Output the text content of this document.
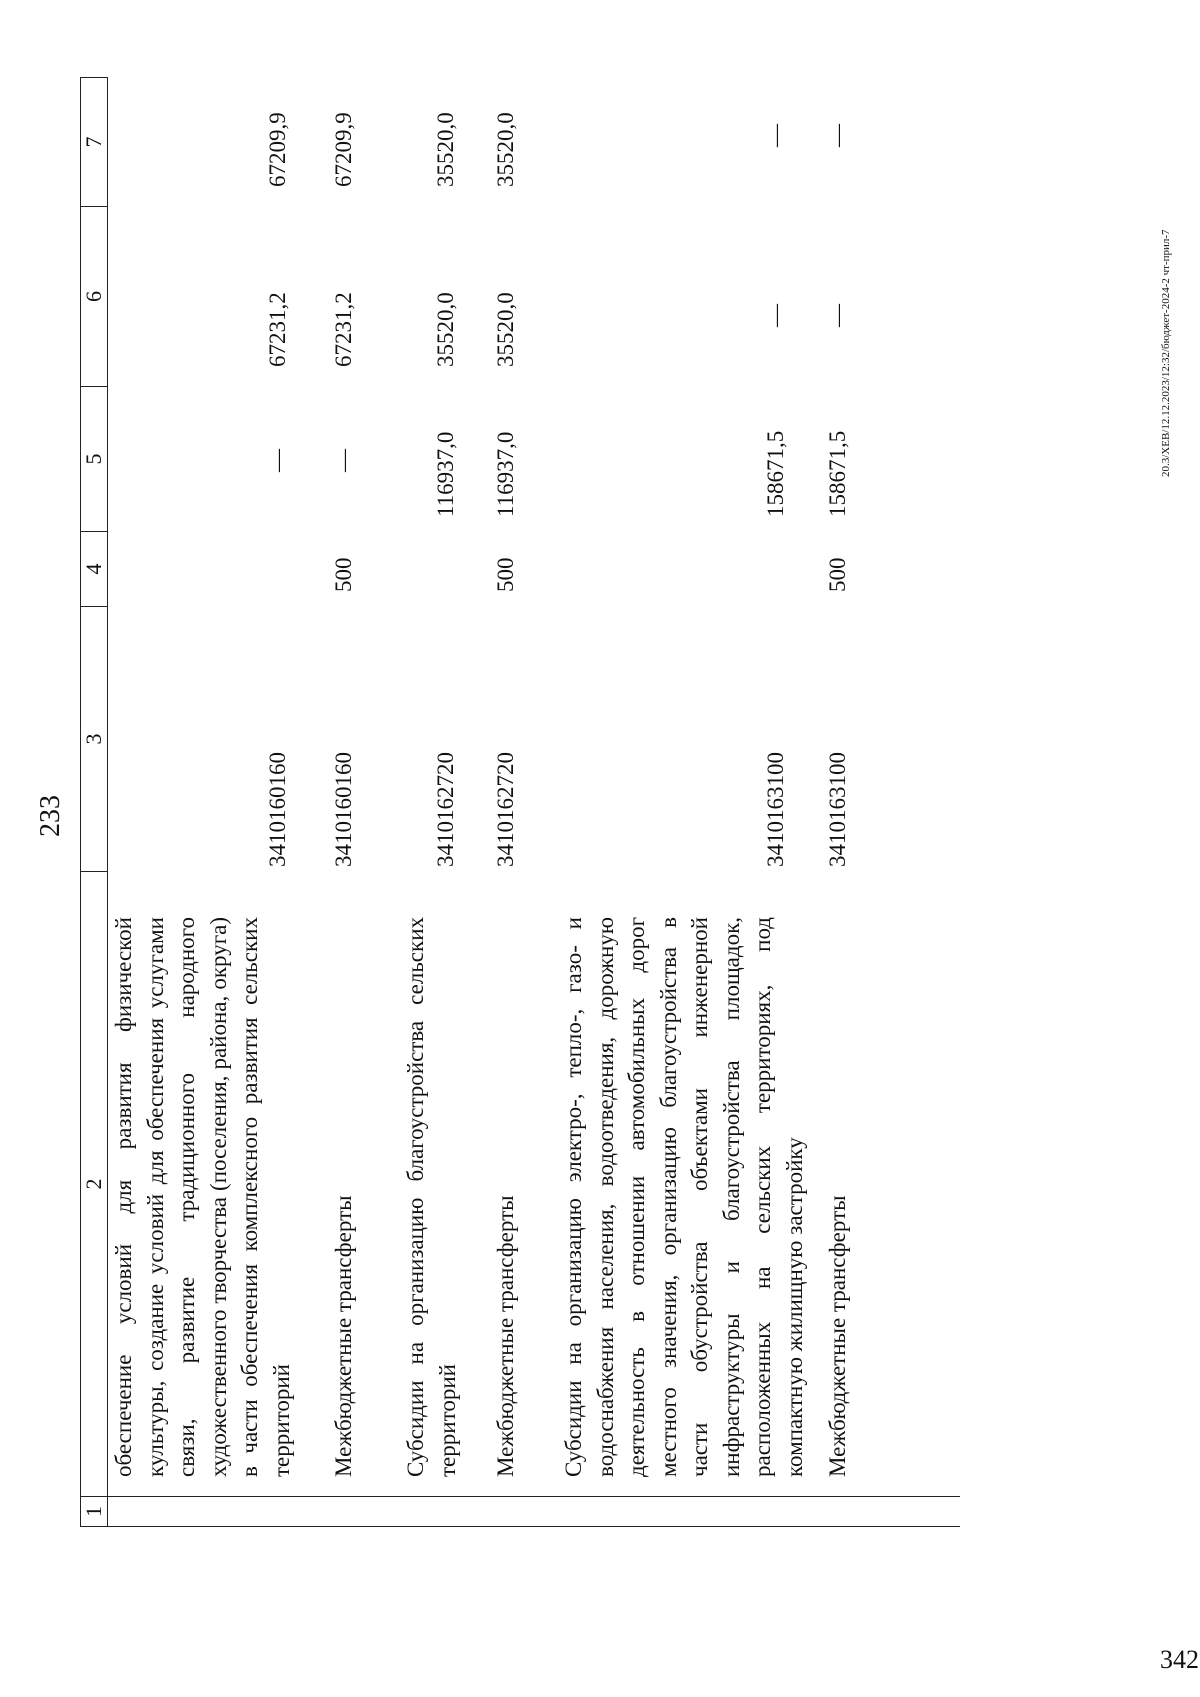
233
1
2
3
4
5
6
7
обеспечение условий для развития физической культуры, создание условий для обеспечения услугами связи, развитие традиционного народного художественного творчества (поселения, района, округа) в части обеспечения комплексного развития сельских территорий
3410160160
—
67231,2
67209,9
Межбюджетные трансферты
3410160160
500
—
67231,2
67209,9
Субсидии на организацию благоустройства сельских территорий
3410162720
116937,0
35520,0
35520,0
Межбюджетные трансферты
3410162720
500
116937,0
35520,0
35520,0
Субсидии на организацию электро-, тепло-, газо- и водоснабжения населения, водоотведения, дорожную деятельность в отношении автомобильных дорог местного значения, организацию благоустройства в части обустройства объектами инженерной инфраструктуры и благоустройства площадок, расположенных на сельских территориях, под компактную жилищную застройку
3410163100
158671,5
—
—
Межбюджетные трансферты
3410163100
500
158671,5
—
—
20.3/ХЕВ/12.12.2023/12:32/бюджет-2024-2 чт-прил-7
342
